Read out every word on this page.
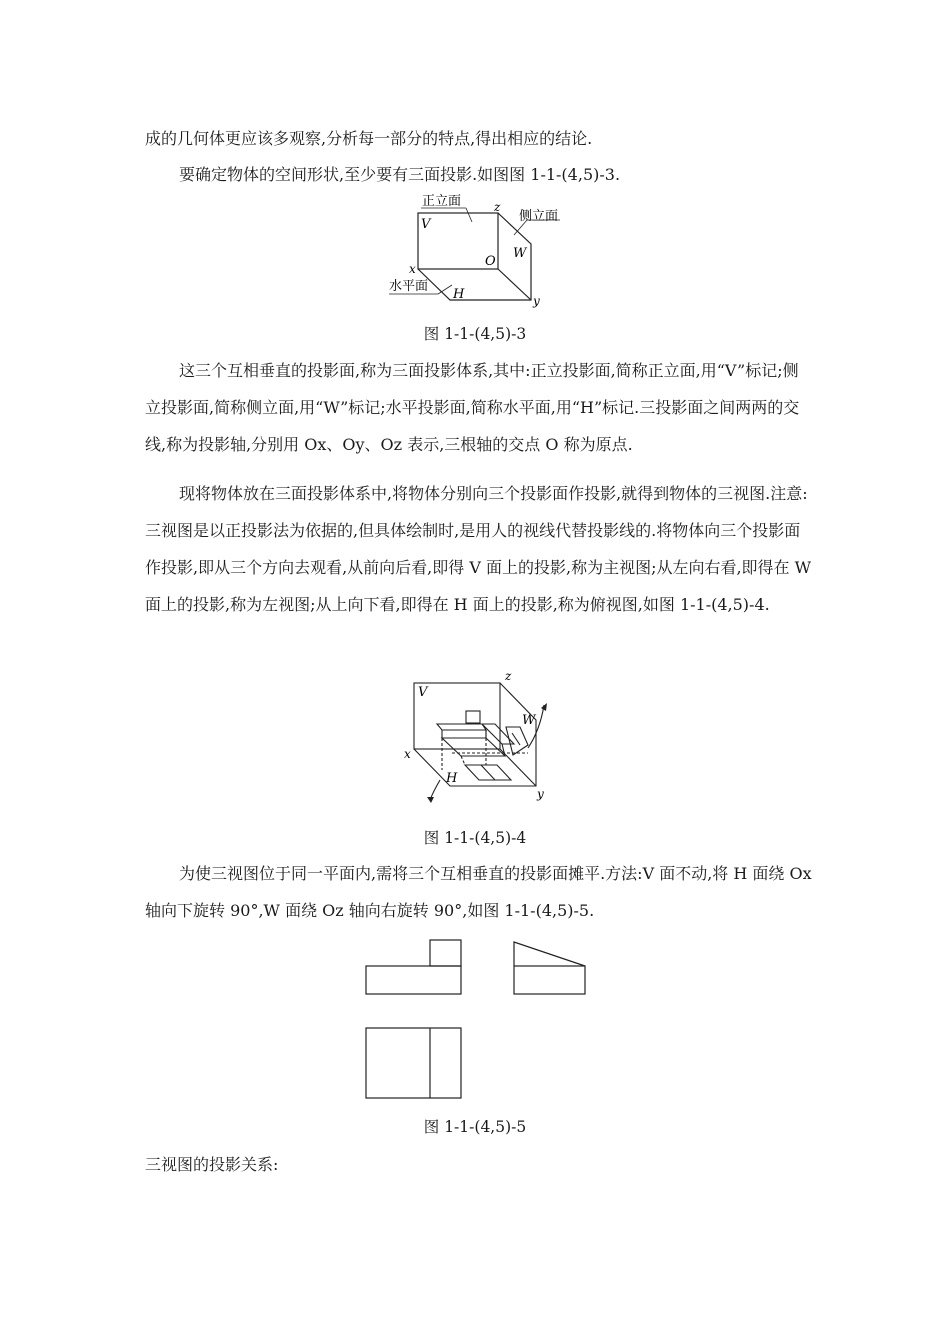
成的几何体更应该多观察,分析每一部分的特点,得出相应的结论.

要确定物体的空间形状,至少要有三面投影.如图图 1-1-(4,5)-3.

正立面
侧立面
水平面
V
z
W
O
x
H	y
图 1-1-(4,5)-3

这三个互相垂直的投影面,称为三面投影体系,其中:正立投影面,简称正立面,用“V”标记;侧立投影面,简称侧立面,用“W”标记;水平投影面,简称水平面,用“H”标记.三投影面之间两两的交线,称为投影轴,分别用 Ox、Oy、Oz 表示,三根轴的交点 O 称为原点.

现将物体放在三面投影体系中,将物体分别向三个投影面作投影,就得到物体的三视图.注意:三视图是以正投影法为依据的,但具体绘制时,是用人的视线代替投影线的.将物体向三个投影面作投影,即从三个方向去观看,从前向后看,即得 V 面上的投影,称为主视图;从左向右看,即得在 W 面上的投影,称为左视图;从上向下看,即得在 H 面上的投影,称为俯视图,如图 1-1-(4,5)-4.

V
z
W
x
H
y
图 1-1-(4,5)-4

为使三视图位于同一平面内,需将三个互相垂直的投影面摊平.方法:V 面不动,将 H 面绕 Ox 轴向下旋转 90°,W 面绕 Oz 轴向右旋转 90°,如图 1-1-(4,5)-5.

图 1-1-(4,5)-5

三视图的投影关系:
